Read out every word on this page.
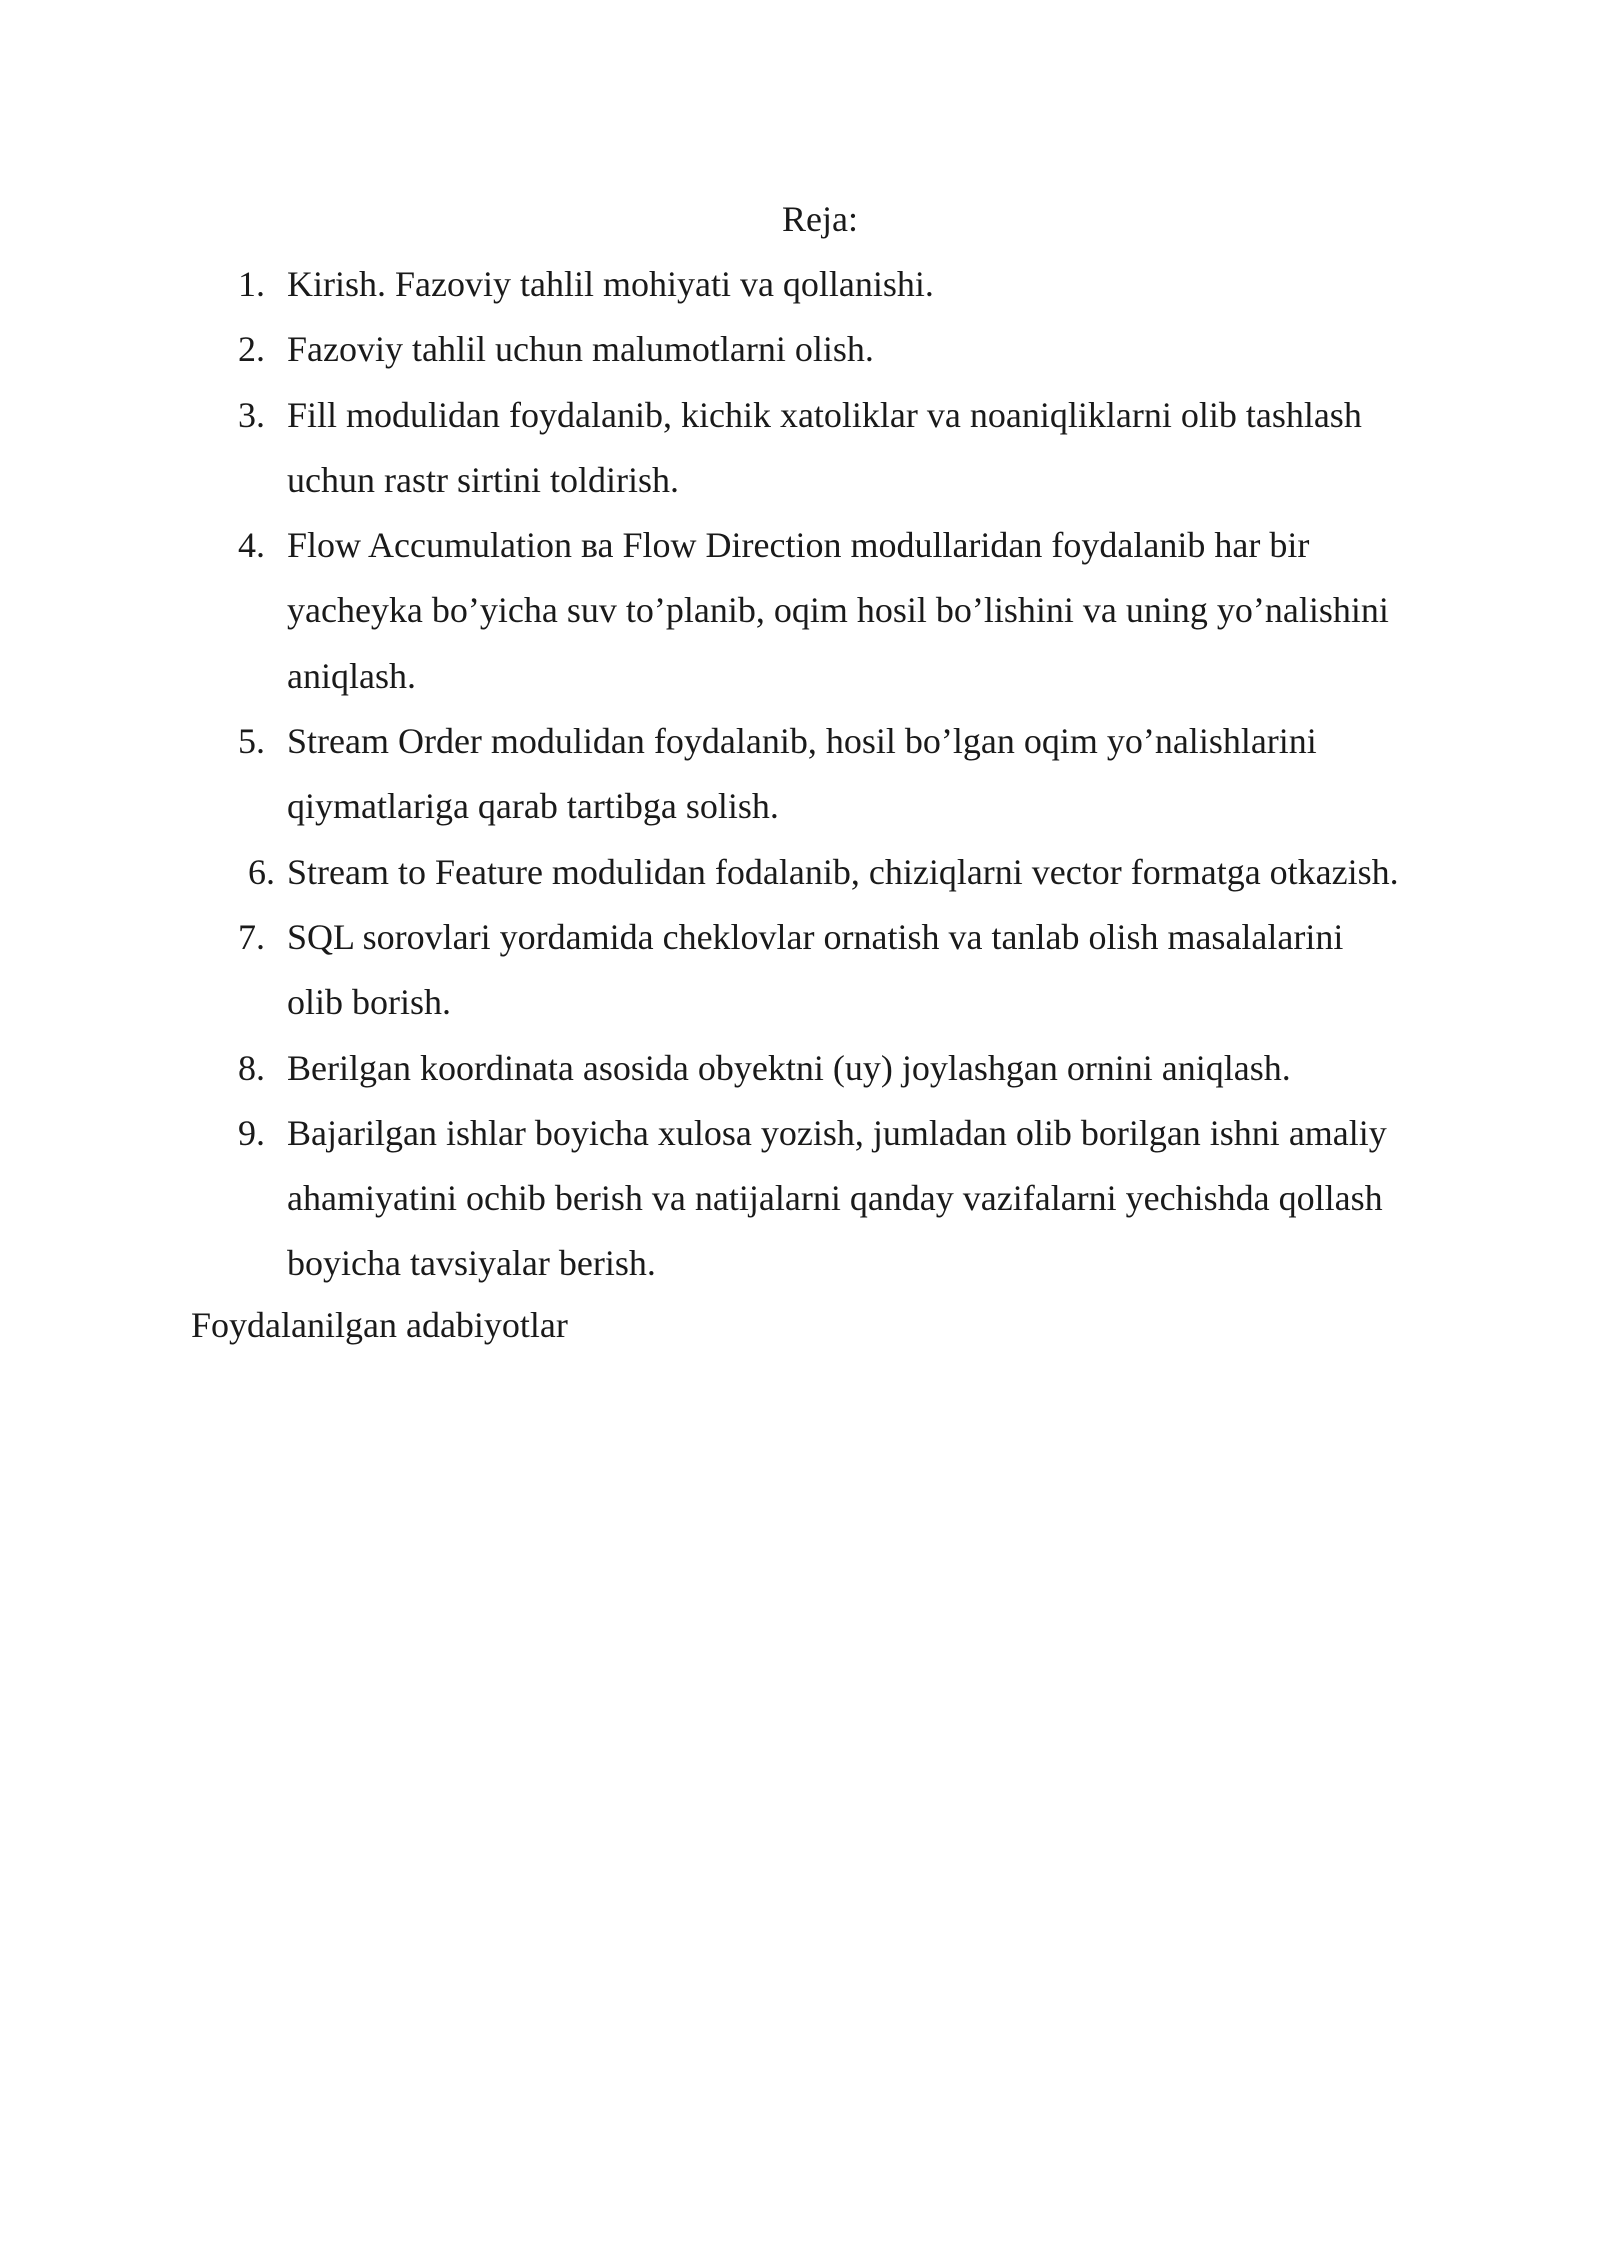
Reja:
1. Kirish. Fazoviy tahlil mohiyati va qollanishi.
2. Fazoviy tahlil uchun malumotlarni olish.
3. Fill modulidan foydalanib, kichik xatoliklar va noaniqliklarni olib tashlash
uchun rastr sirtini toldirish.
4. Flow Accumulation ва Flow Direction modullaridan foydalanib har bir
yacheyka bo’yicha suv to’planib, oqim hosil bo’lishini va uning yo’nalishini
aniqlash.
5. Stream Order modulidan foydalanib, hosil bo’lgan oqim yo’nalishlarini
qiymatlariga qarab tartibga solish.
6. Stream to Feature modulidan fodalanib, chiziqlarni vector formatga otkazish.
7. SQL sorovlari yordamida cheklovlar ornatish va tanlab olish masalalarini
olib borish.
8. Berilgan koordinata asosida obyektni (uy) joylashgan ornini aniqlash.
9. Bajarilgan ishlar boyicha xulosa yozish, jumladan olib borilgan ishni amaliy
ahamiyatini ochib berish va natijalarni qanday vazifalarni yechishda qollash
boyicha tavsiyalar berish.
Foydalanilgan adabiyotlar
